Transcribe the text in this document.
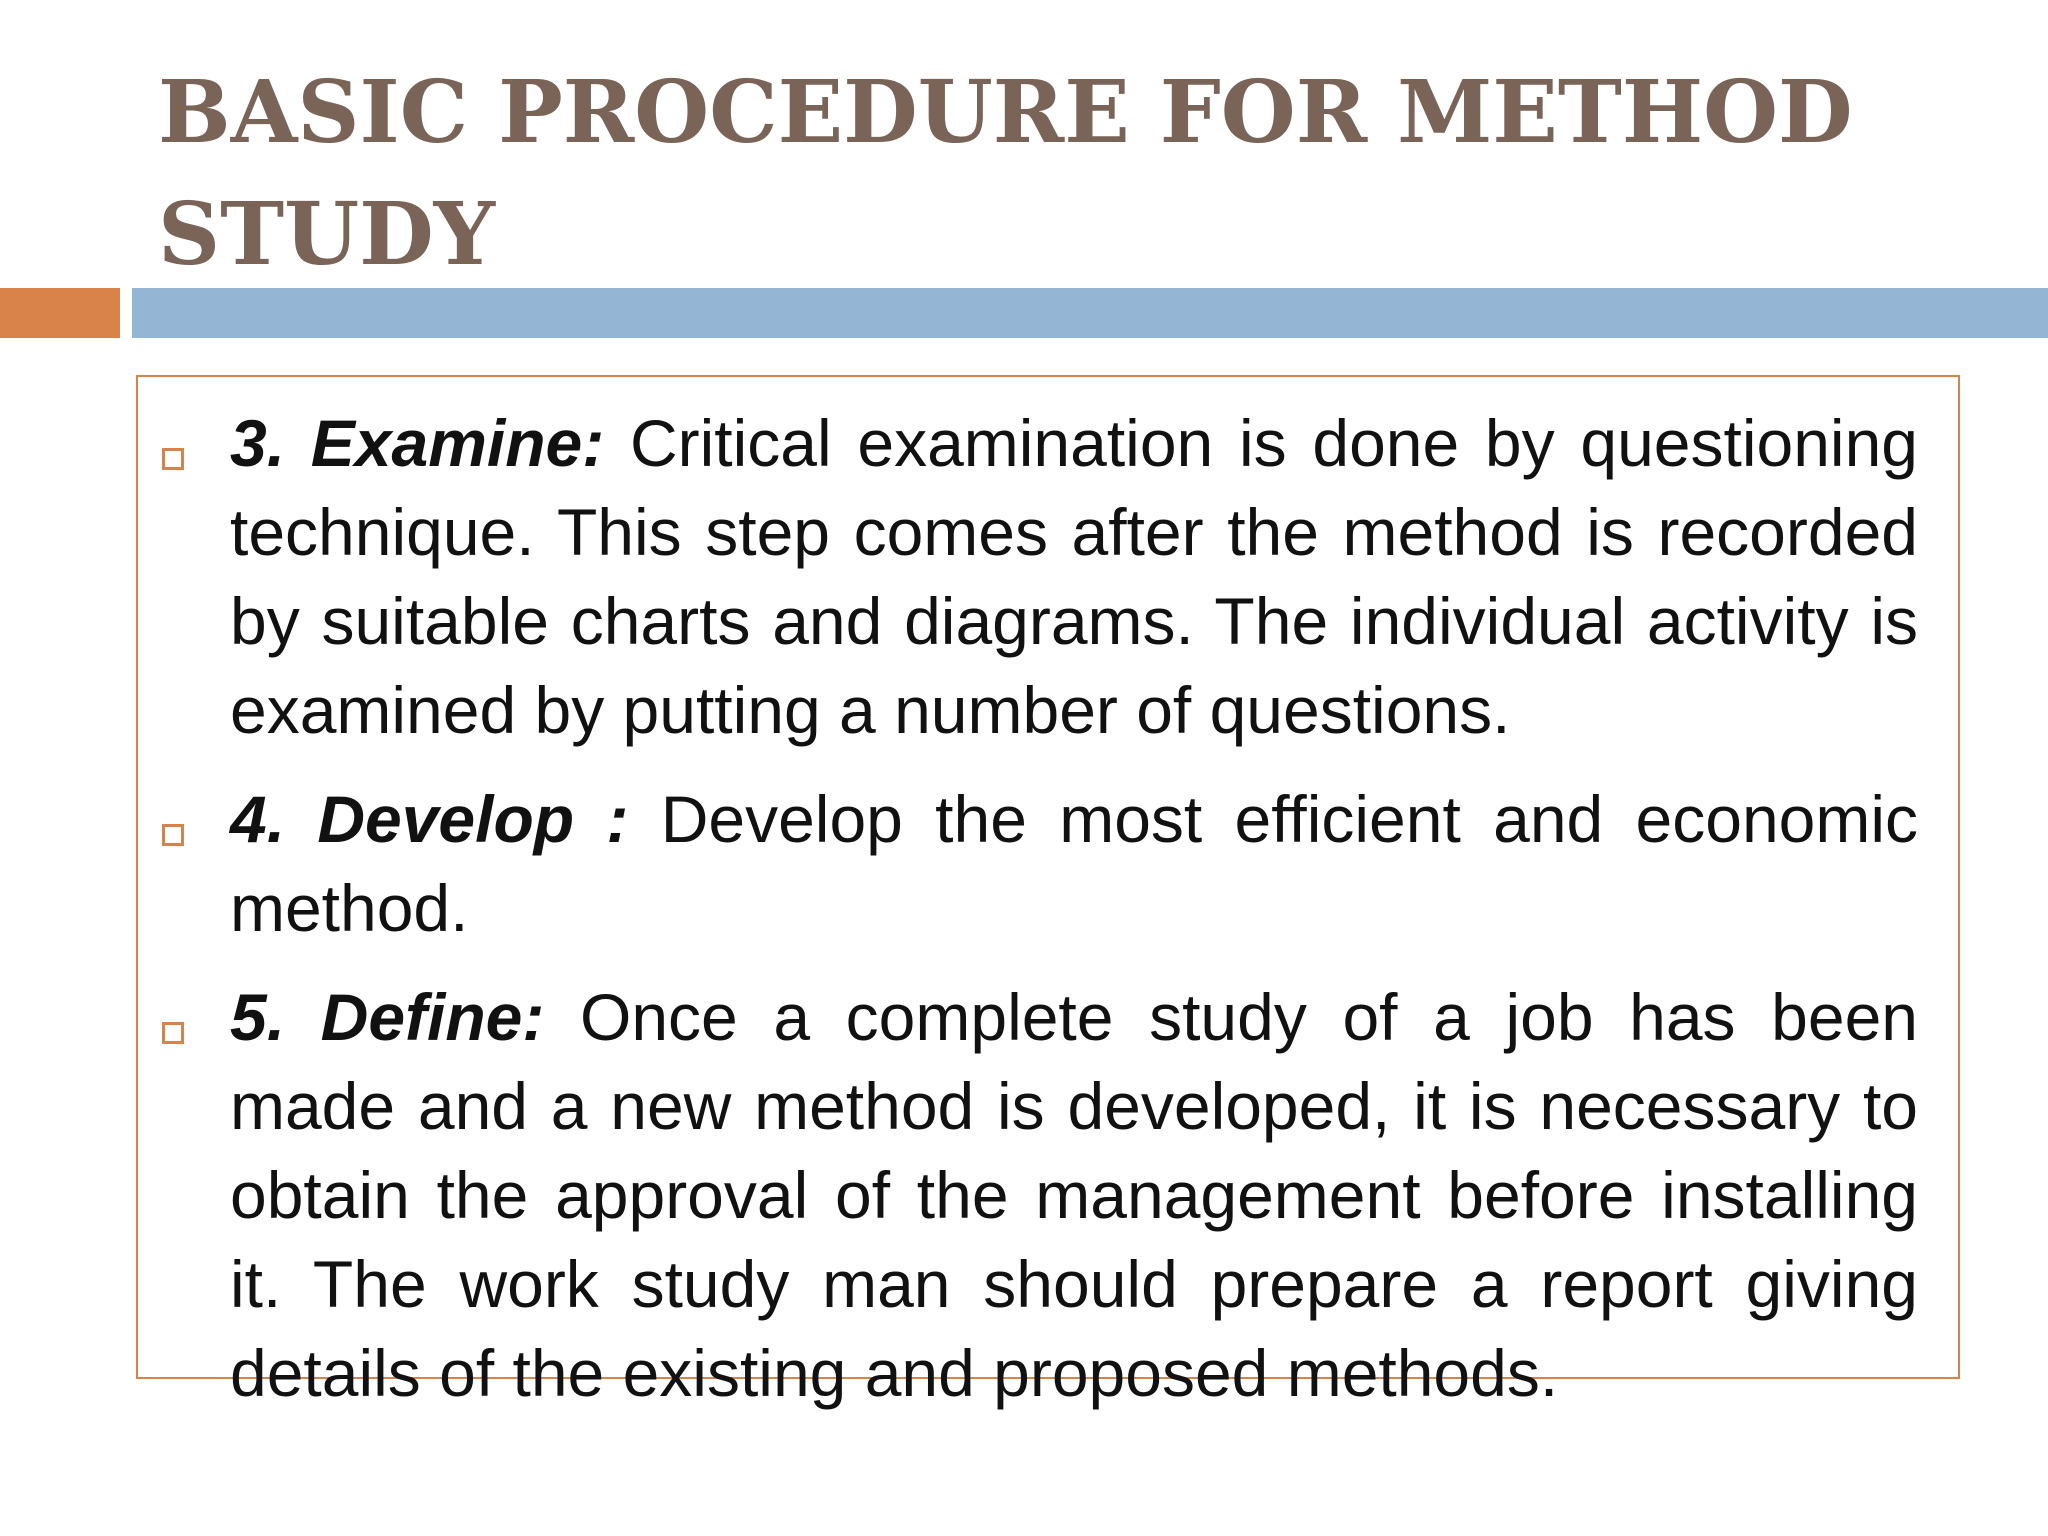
BASIC PROCEDURE FOR METHOD STUDY
3. Examine: Critical examination is done by questioning technique. This step comes after the method is recorded by suitable charts and diagrams. The individual activity is examined by putting a number of questions.
4. Develop : Develop the most efficient and economic method.
5. Define: Once a complete study of a job has been made and a new method is developed, it is necessary to obtain the approval of the management before installing it. The work study man should prepare a report giving details of the existing and proposed methods.
